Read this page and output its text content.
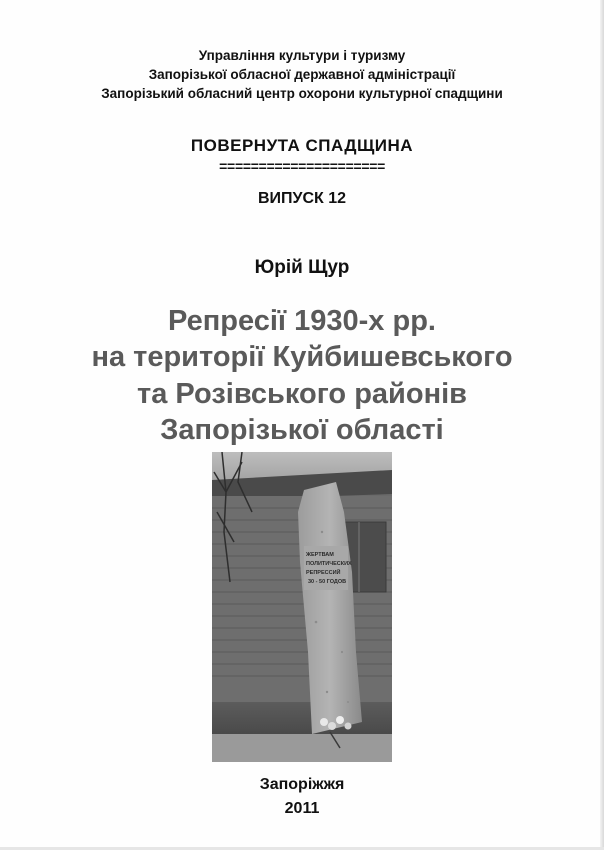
Управління культури і туризму
Запорізької обласної державної адміністрації
Запорізький обласний центр охорони культурної спадщини
ПОВЕРНУТА СПАДЩИНА
=====================
ВИПУСК 12
Юрій Щур
Репресії 1930-х рр.
на території Куйбишевського
та Розівського районів
Запорізької області
ЖЕРТВАМ
ПОЛИТИЧЕСКИХ
РЕПРЕССИЙ
30 - 50 ГОДОВ
Запоріжжя
2011
